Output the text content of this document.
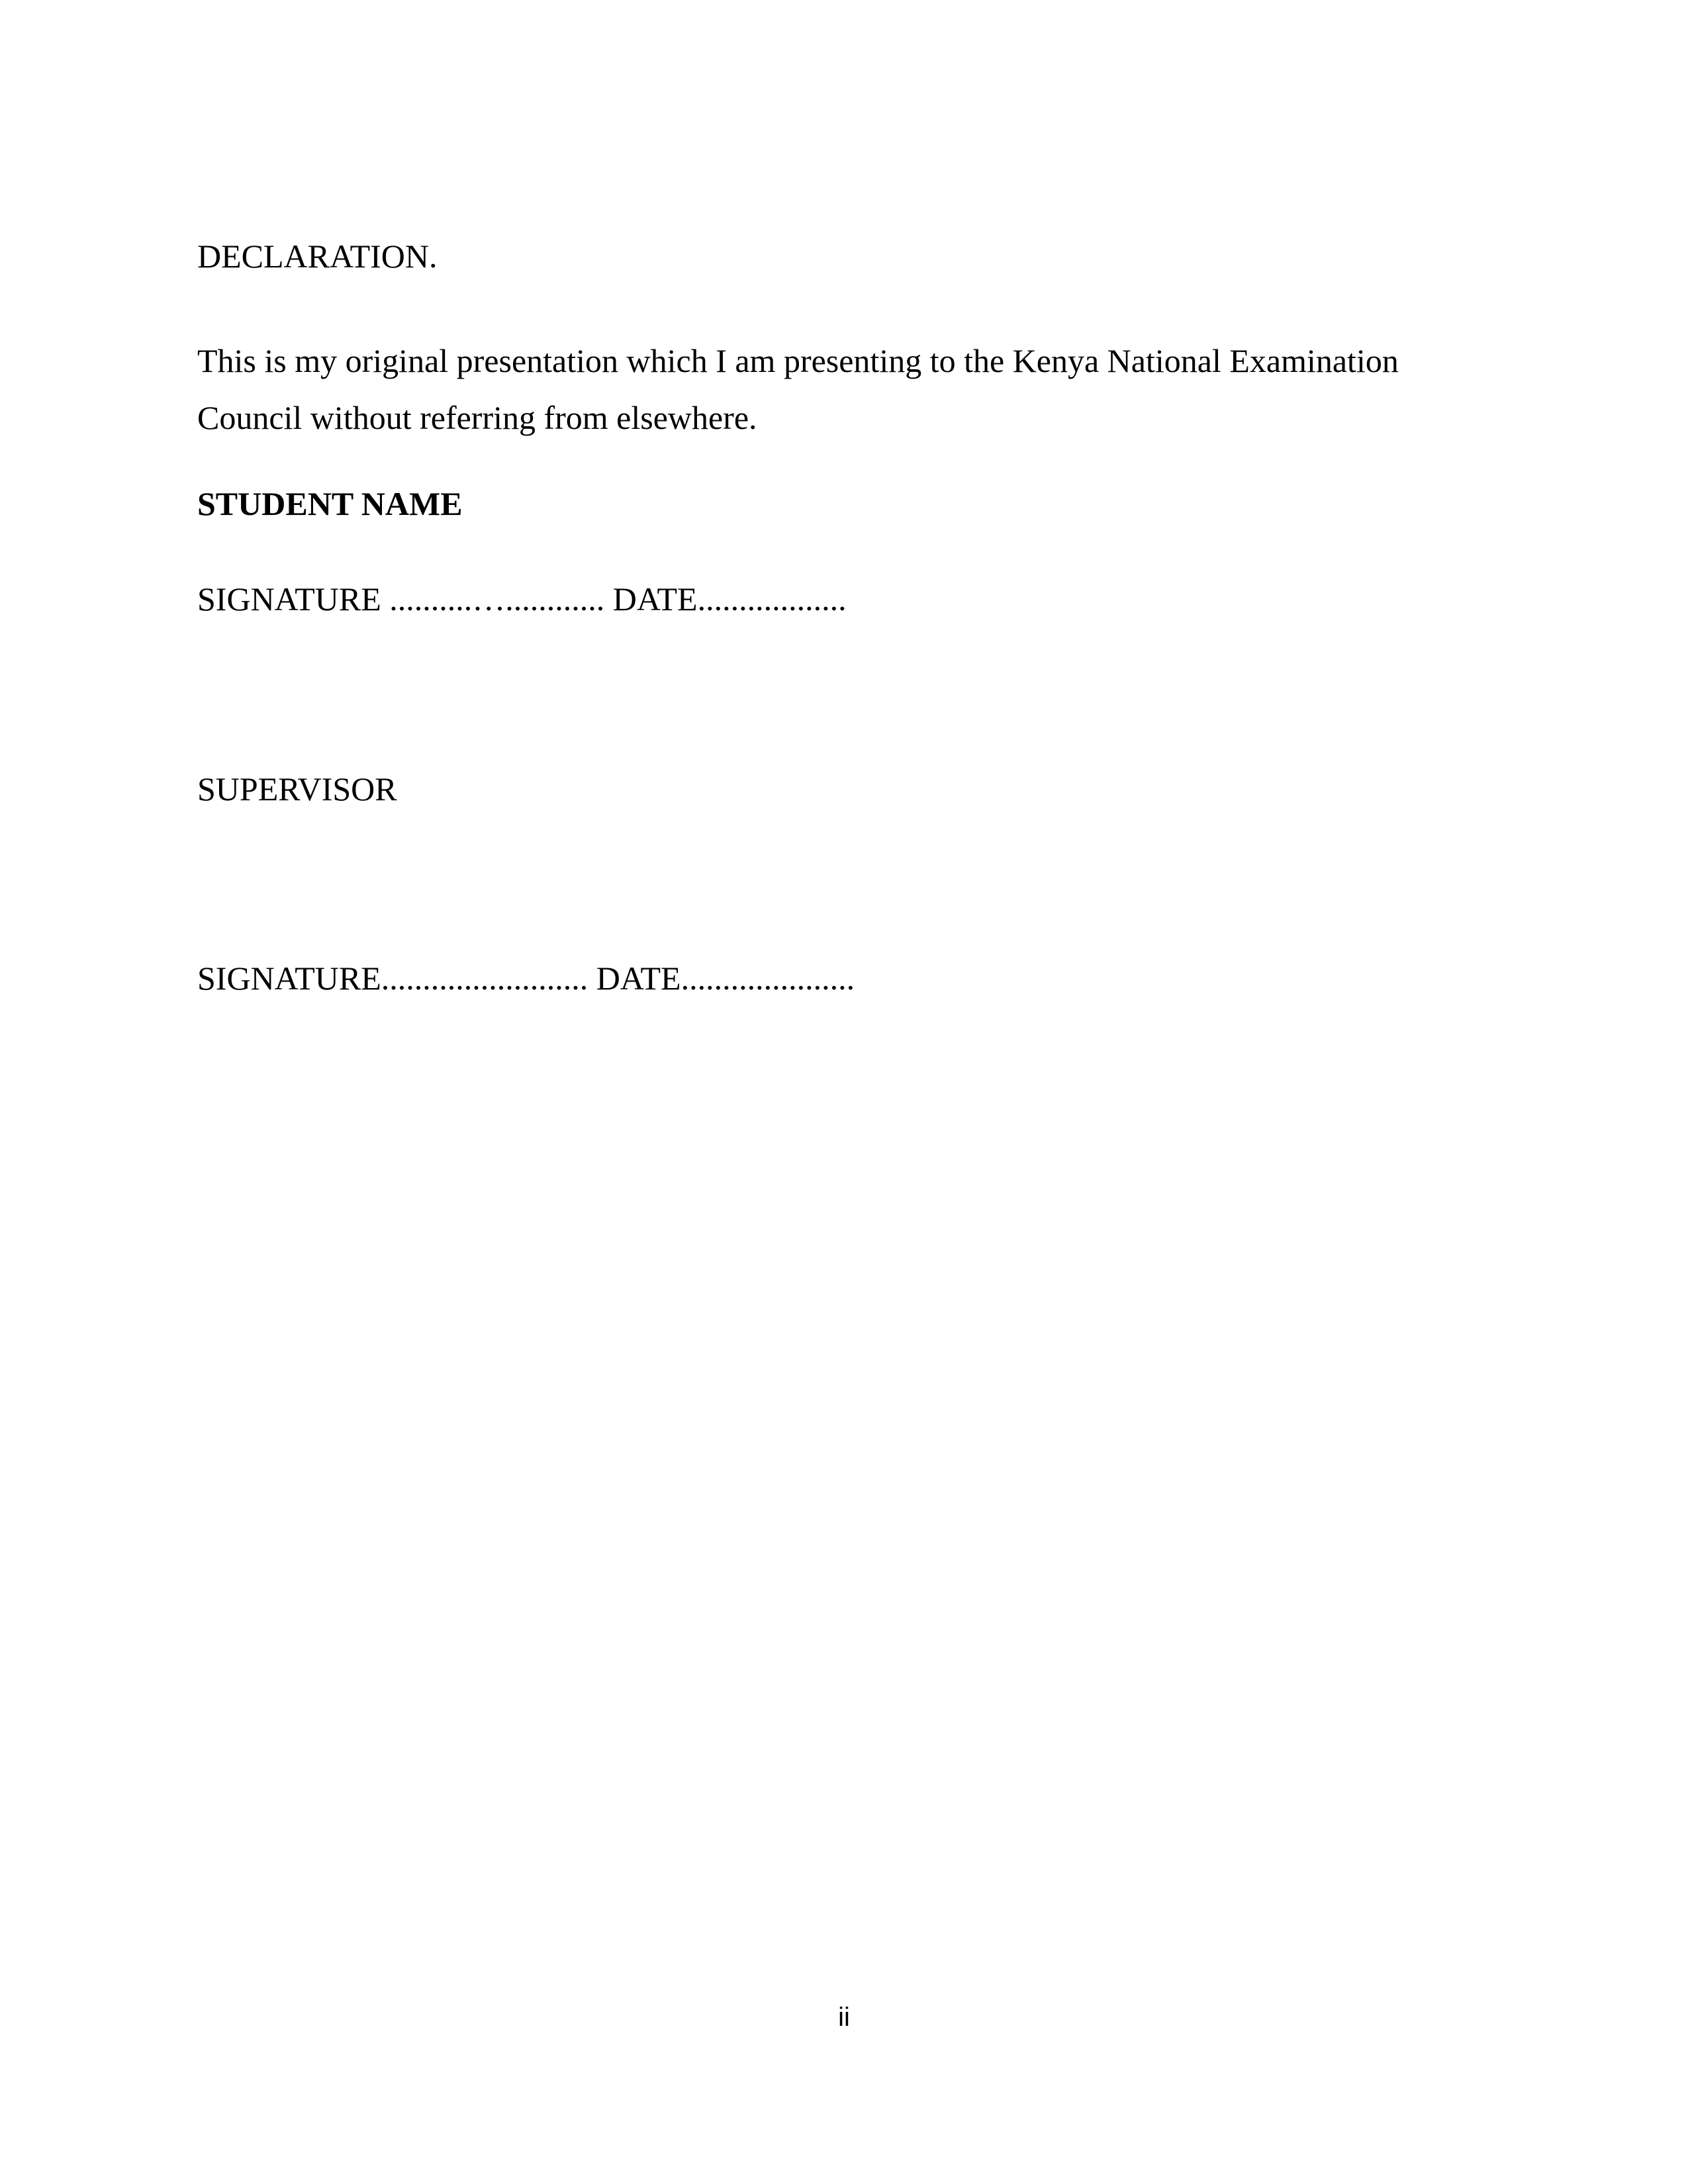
DECLARATION.

This is my original presentation which I am presenting to the Kenya National Examination

Council without referring from elsewhere.

STUDENT NAME
SIGNATURE ..........…............ DATE..................
SUPERVISOR
SIGNATURE......................... DATE.....................
ii
